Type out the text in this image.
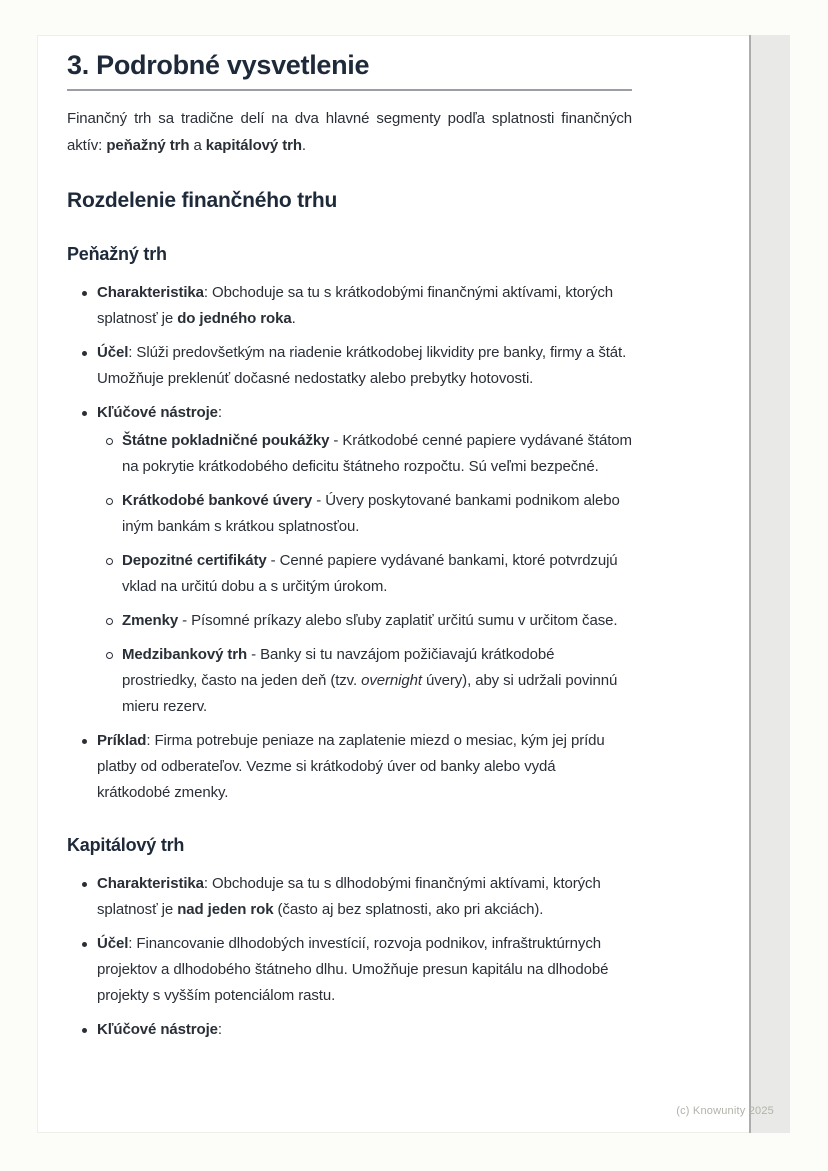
3. Podrobné vysvetlenie

Finančný trh sa tradične delí na dva hlavné segmenty podľa splatnosti finančných aktív: peňažný trh a kapitálový trh.

Rozdelenie finančného trhu
Peňažný trh
Charakteristika: Obchoduje sa tu s krátkodobými finančnými aktívami, ktorých splatnosť je do jedného roka.
Účel: Slúži predovšetkým na riadenie krátkodobej likvidity pre banky, firmy a štát. Umožňuje preklenúť dočasné nedostatky alebo prebytky hotovosti.
Kľúčové nástroje:
Štátne pokladničné poukážky - Krátkodobé cenné papiere vydávané štátom na pokrytie krátkodobého deficitu štátneho rozpočtu. Sú veľmi bezpečné.
Krátkodobé bankové úvery - Úvery poskytované bankami podnikom alebo iným bankám s krátkou splatnosťou.
Depozitné certifikáty - Cenné papiere vydávané bankami, ktoré potvrdzujú vklad na určitú dobu a s určitým úrokom.
Zmenky - Písomné príkazy alebo sľuby zaplatiť určitú sumu v určitom čase.
Medzibankový trh - Banky si tu navzájom požičiavajú krátkodobé prostriedky, často na jeden deň (tzv. overnight úvery), aby si udržali povinnú mieru rezerv.
Príklad: Firma potrebuje peniaze na zaplatenie miezd o mesiac, kým jej prídu platby od odberateľov. Vezme si krátkodobý úver od banky alebo vydá krátkodobé zmenky.
Kapitálový trh
Charakteristika: Obchoduje sa tu s dlhodobými finančnými aktívami, ktorých splatnosť je nad jeden rok (často aj bez splatnosti, ako pri akciách).
Účel: Financovanie dlhodobých investícií, rozvoja podnikov, infraštruktúrnych projektov a dlhodobého štátneho dlhu. Umožňuje presun kapitálu na dlhodobé projekty s vyšším potenciálom rastu.
Kľúčové nástroje:
(c) Knowunity 2025
